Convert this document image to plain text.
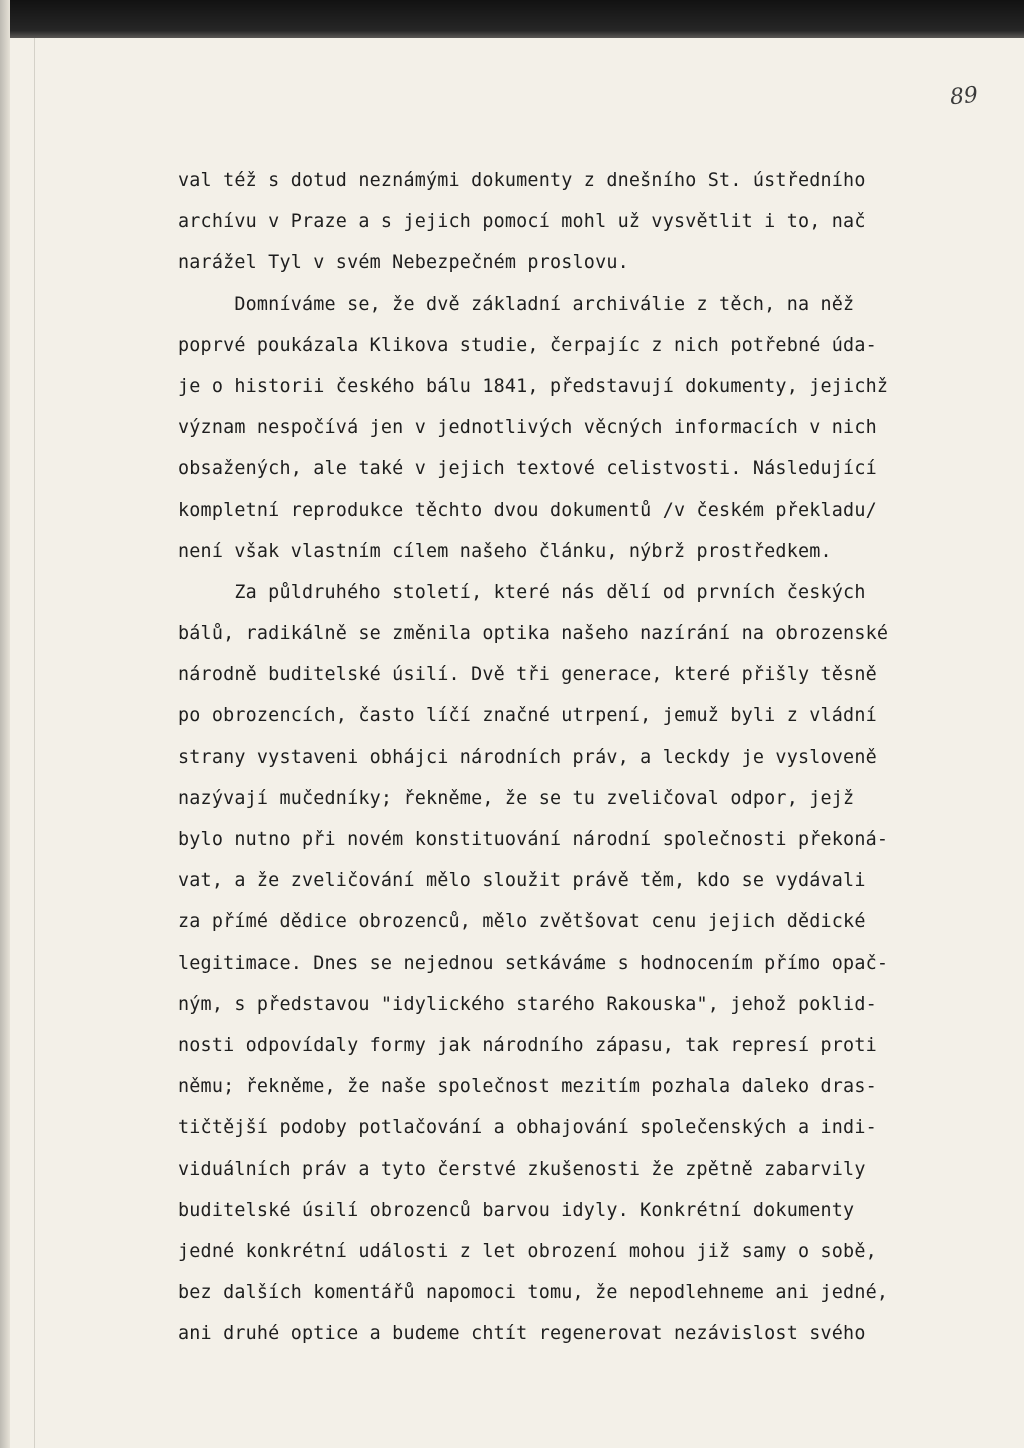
89
val též s dotud neznámými dokumenty z dnešního St. ústředního
archívu v Praze a s jejich pomocí mohl už vysvětlit i to, nač
narážel Tyl v svém Nebezpečném proslovu.
Domníváme se, že dvě základní archiválie z těch, na něž
poprvé poukázala Klikova studie, čerpajíc z nich potřebné úda-
je o historii českého bálu 1841, představují dokumenty, jejichž
význam nespočívá jen v jednotlivých věcných informacích v nich
obsažených, ale také v jejich textové celistvosti. Následující
kompletní reprodukce těchto dvou dokumentů /v českém překladu/
není však vlastním cílem našeho článku, nýbrž prostředkem.
Za půldruhého století, které nás dělí od prvních českých
bálů, radikálně se změnila optika našeho nazírání na obrozenské
národně buditelské úsilí. Dvě tři generace, které přišly těsně
po obrozencích, často líčí značné utrpení, jemuž byli z vládní
strany vystaveni obhájci národních práv, a leckdy je vysloveně
nazývají mučedníky; řekněme, že se tu zveličoval odpor, jejž
bylo nutno při novém konstituování národní společnosti překoná-
vat, a že zveličování mělo sloužit právě těm, kdo se vydávali
za přímé dědice obrozenců, mělo zvětšovat cenu jejich dědické
legitimace. Dnes se nejednou setkáváme s hodnocením přímo opač-
ným, s představou "idylického starého Rakouska", jehož poklid-
nosti odpovídaly formy jak národního zápasu, tak represí proti
němu; řekněme, že naše společnost mezitím pozhala daleko dras-
tičtější podoby potlačování a obhajování společenských a indi-
viduálních práv a tyto čerstvé zkušenosti že zpětně zabarvily
buditelské úsilí obrozenců barvou idyly. Konkrétní dokumenty
jedné konkrétní události z let obrození mohou již samy o sobě,
bez dalších komentářů napomoci tomu, že nepodlehneme ani jedné,
ani druhé optice a budeme chtít regenerovat nezávislost svého
